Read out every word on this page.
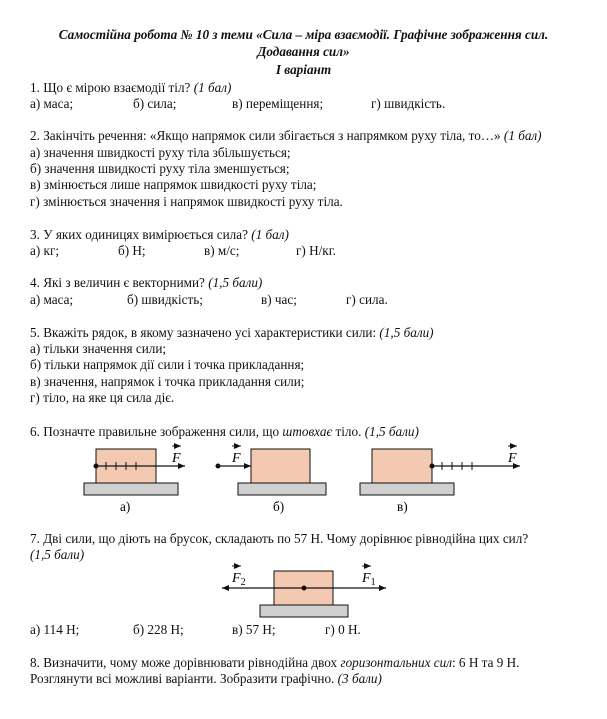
Самостійна робота № 10 з теми «Сила – міра взаємодії. Графічне зображення сил.
Додавання сил»
І варіант
1. Що є мірою взаємодії тіл? (1 бал)
а) маса;	б) сила;	в) переміщення;	г) швидкість.
2. Закінчіть речення: «Якщо напрямок сили збігається з напрямком руху тіла, то…» (1 бал)
а) значення швидкості руху тіла збільшується;
б) значення швидкості руху тіла зменшується;
в) змінюється лише напрямок швидкості руху тіла;
г) змінюється значення і напрямок швидкості руху тіла.
3. У яких одиницях вимірюється сила? (1 бал)
а) кг;	б) Н;	в) м/с;	г) Н/кг.
4. Які з величин є векторними? (1,5 бали)
а) маса;	б) швидкість;	в) час;	г) сила.
5. Вкажіть рядок, в якому зазначено усі характеристики сили: (1,5 бали)
а) тільки значення сили;
б) тільки напрямок дії сили і точка прикладання;
в) значення, напрямок і точка прикладання сили;
г) тіло, на яке ця сила діє.
6. Позначте правильне зображення сили, що штовхає тіло. (1,5 бали)
F
а)
F
б)
F
в)
7. Дві сили, що діють на брусок, складають по 57 Н. Чому дорівнює рівнодійна цих сил?
(1,5 бали)
$F_2$	$F_1$
а) 114 Н;	б) 228 Н;	в) 57 Н;	г) 0 Н.
8. Визначити, чому може дорівнювати рівнодійна двох горизонтальних сил: 6 Н та 9 Н.
Розглянути всі можливі варіанти. Зобразити графічно. (3 бали)
